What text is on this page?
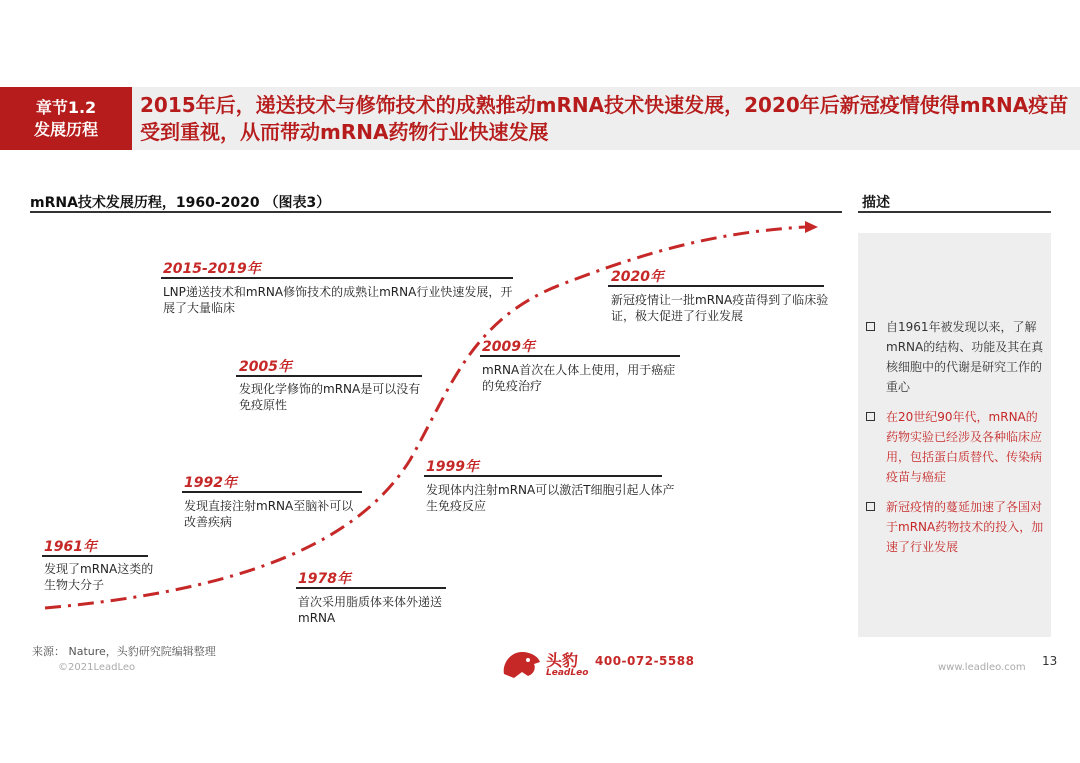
章节1.2
发展历程
2015年后，递送技术与修饰技术的成熟推动mRNA技术快速发展，2020年后新冠疫情使得mRNA疫苗受到重视，从而带动mRNA药物行业快速发展
mRNA技术发展历程，1960-2020 （图表3）	描述
1961年
发现了mRNA这类的生物大分子	1978年
首次采用脂质体来体外递送mRNA
1992年
发现直接注射mRNA至脑补可以改善疾病
1999年
发现体内注射mRNA可以激活T细胞引起人体产生免疫反应
2005年
发现化学修饰的mRNA是可以没有免疫原性
2009年
mRNA首次在人体上使用，用于癌症的免疫治疗
2015-2019年
LNP递送技术和mRNA修饰技术的成熟让mRNA行业快速发展，开展了大量临床
2020年
新冠疫情让一批mRNA疫苗得到了临床验证，极大促进了行业发展
自1961年被发现以来，了解mRNA的结构、功能及其在真核细胞中的代谢是研究工作的重心
在20世纪90年代，mRNA的药物实验已经涉及各种临床应用，包括蛋白质替代、传染病疫苗与癌症
新冠疫情的蔓延加速了各国对于mRNA药物技术的投入，加速了行业发展
来源： Nature，头豹研究院编辑整理
©2021LeadLeo	头豹
LeadLeo
400-072-5588	www.leadleo.com 13
